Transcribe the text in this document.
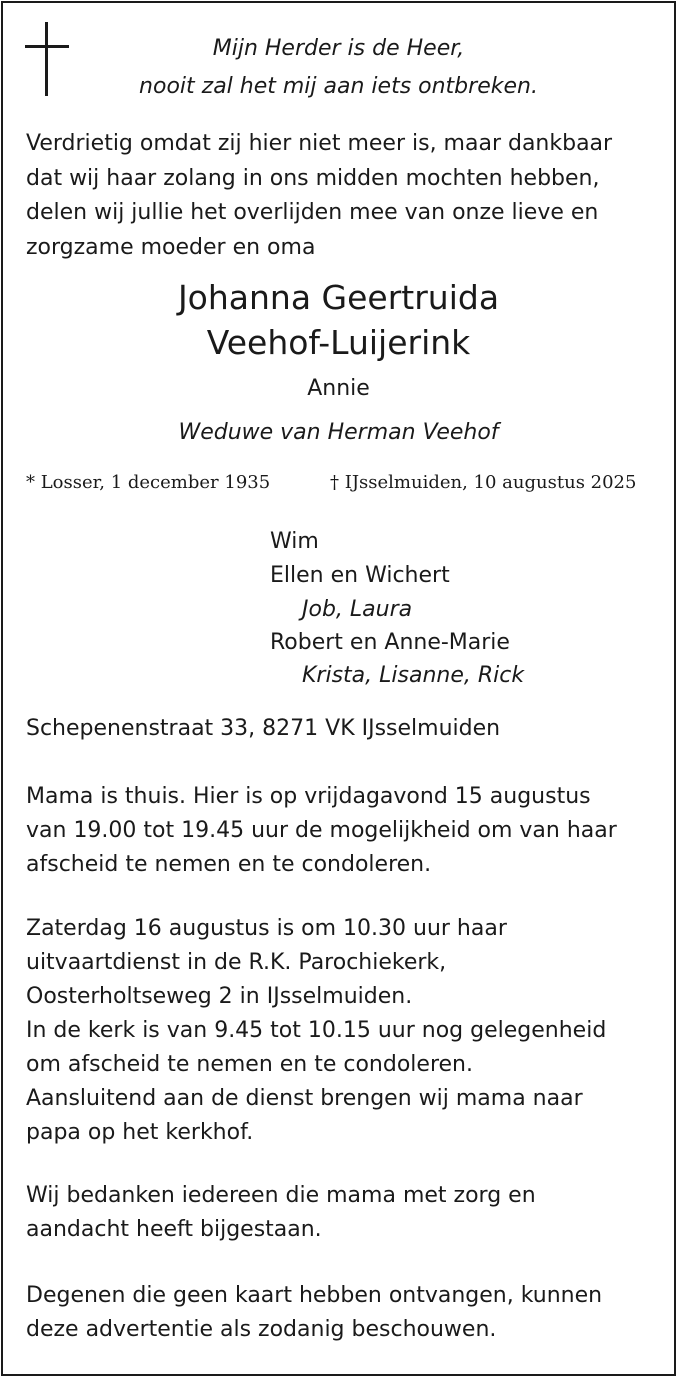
Mijn Herder is de Heer,
nooit zal het mij aan iets ontbreken.
Verdrietig omdat zij hier niet meer is, maar dankbaar
dat wij haar zolang in ons midden mochten hebben,
delen wij jullie het overlijden mee van onze lieve en
zorgzame moeder en oma
Johanna Geertruida
Veehof-Luijerink
Annie
Weduwe van Herman Veehof
* Losser, 1 december 1935	† IJsselmuiden, 10 augustus 2025
Wim
Ellen en Wichert
Job, Laura
Robert en Anne-Marie
Krista, Lisanne, Rick
Schepenenstraat 33, 8271 VK IJsselmuiden
Mama is thuis. Hier is op vrijdagavond 15 augustus
van 19.00 tot 19.45 uur de mogelijkheid om van haar
afscheid te nemen en te condoleren.
Zaterdag 16 augustus is om 10.30 uur haar
uitvaartdienst in de R.K. Parochiekerk,
Oosterholtseweg 2 in IJsselmuiden.
In de kerk is van 9.45 tot 10.15 uur nog gelegenheid
om afscheid te nemen en te condoleren.
Aansluitend aan de dienst brengen wij mama naar
papa op het kerkhof.
Wij bedanken iedereen die mama met zorg en
aandacht heeft bijgestaan.
Degenen die geen kaart hebben ontvangen, kunnen
deze advertentie als zodanig beschouwen.
